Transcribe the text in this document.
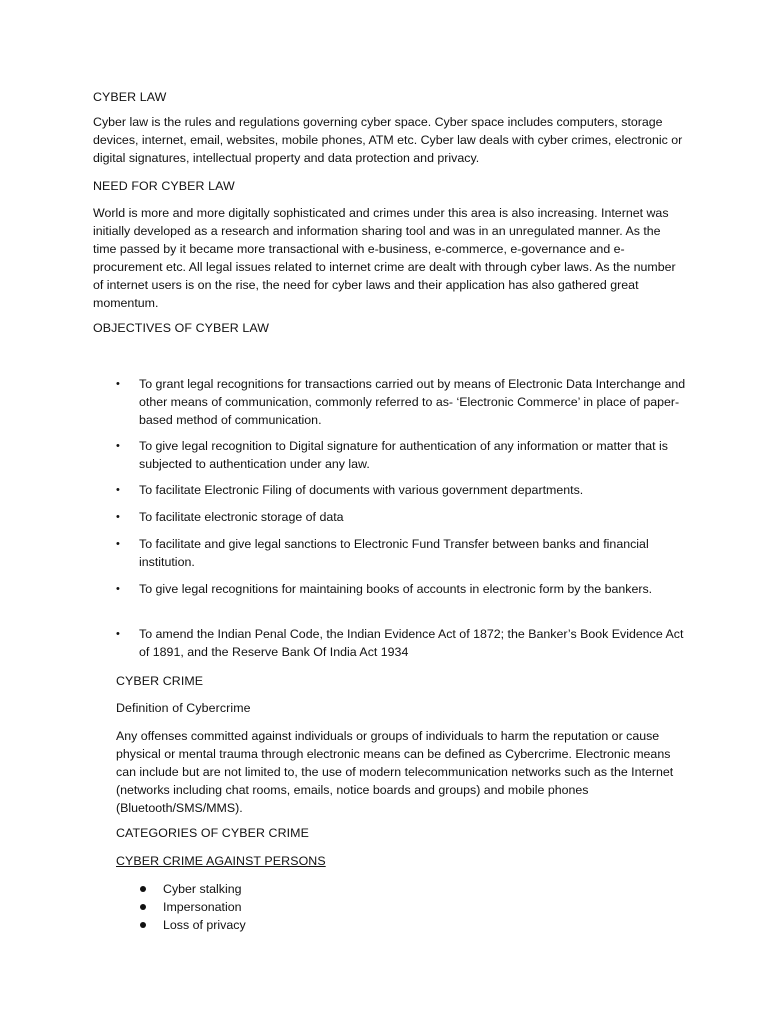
CYBER LAW

Cyber law is the rules and regulations governing cyber space. Cyber space includes computers, storage devices, internet, email, websites, mobile phones, ATM etc. Cyber law deals with cyber crimes, electronic or digital signatures, intellectual property and data protection and privacy.

NEED FOR CYBER LAW

World is more and more digitally sophisticated and crimes under this area is also increasing. Internet was initially developed as a research and information sharing tool and was in an unregulated manner. As the time passed by it became more transactional with e-business, e-commerce, e-governance and e-procurement etc. All legal issues related to internet crime are dealt with through cyber laws. As the number of internet users is on the rise, the need for cyber laws and their application has also gathered great momentum.

OBJECTIVES OF CYBER LAW

• To grant legal recognitions for transactions carried out by means of Electronic Data Interchange and other means of communication, commonly referred to as- ‘Electronic Commerce’ in place of paper-based method of communication.
• To give legal recognition to Digital signature for authentication of any information or matter that is subjected to authentication under any law.
• To facilitate Electronic Filing of documents with various government departments.
• To facilitate electronic storage of data
• To facilitate and give legal sanctions to Electronic Fund Transfer between banks and financial institution.
• To give legal recognitions for maintaining books of accounts in electronic form by the bankers.
• To amend the Indian Penal Code, the Indian Evidence Act of 1872; the Banker’s Book Evidence Act of 1891, and the Reserve Bank Of India Act 1934

CYBER CRIME

Definition of Cybercrime

Any offenses committed against individuals or groups of individuals to harm the reputation or cause physical or mental trauma through electronic means can be defined as Cybercrime. Electronic means can include but are not limited to, the use of modern telecommunication networks such as the Internet (networks including chat rooms, emails, notice boards and groups) and mobile phones (Bluetooth/SMS/MMS).

CATEGORIES OF CYBER CRIME

CYBER CRIME AGAINST PERSONS

Cyber stalking
Impersonation
Loss of privacy
